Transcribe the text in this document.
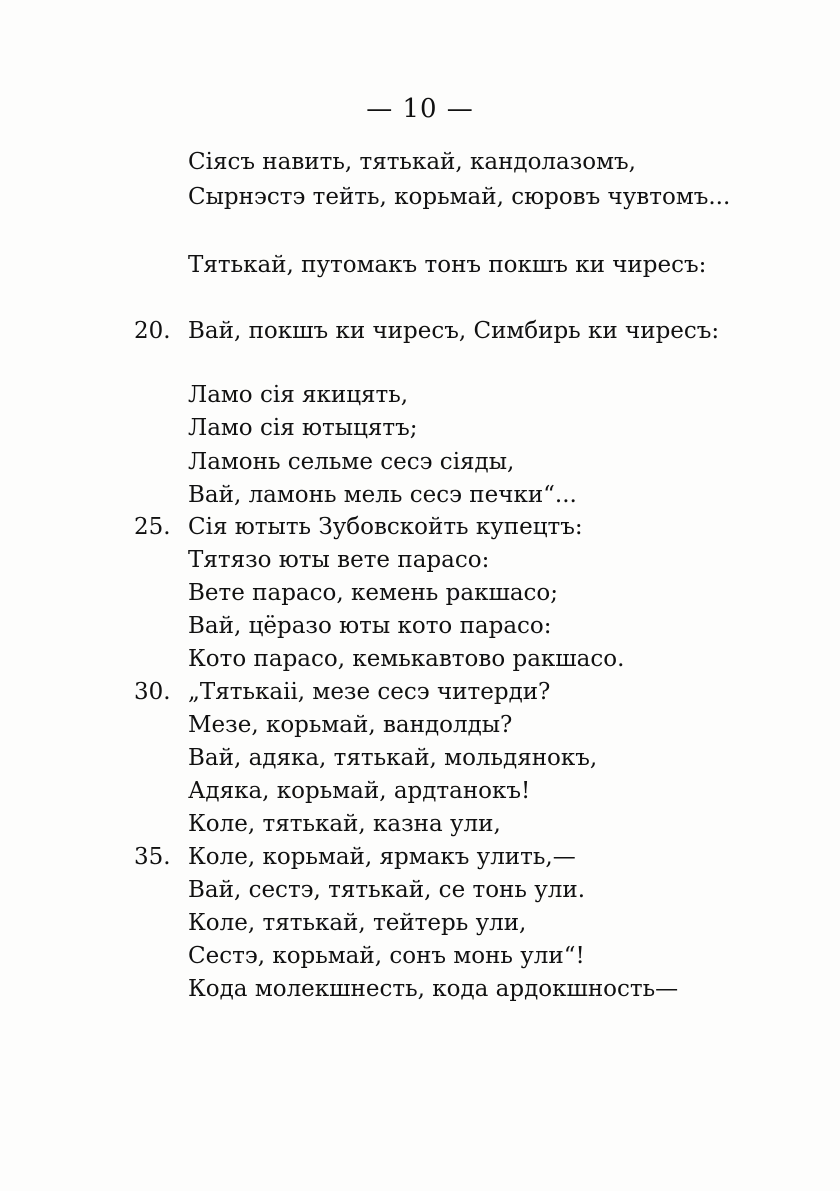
— 10 —
Сіясъ навить, тятькай, кандолазомъ,
Сырнэстэ тейть, корьмай, сюровъ чувтомъ...
Тятькай, путомакъ тонъ покшъ ки чиресъ:
20. Вай, покшъ ки чиресъ, Симбирь ки чиресъ:
Ламо сія якицять,
Ламо сія ютыцятъ;
Ламонь сельме сесэ сіяды,
Вай, ламонь мель сесэ печки“...
25. Сія ютыть Зубовскойть купецтъ:
Тятязо юты вете парасо:
Вете парасо, кемень ракшасо;
Вай, цёразо юты кото парасо:
Кото парасо, кемькавтово ракшасо.
30. „Тятькаіі, мезе сесэ читерди?
Мезе, корьмай, вандолды?
Вай, адяка, тятькай, мольдянокъ,
Адяка, корьмай, ардтанокъ!
Коле, тятькай, казна ули,
35. Коле, корьмай, ярмакъ улить,—
Вай, сестэ, тятькай, се тонь ули.
Коле, тятькай, тейтерь ули,
Сестэ, корьмай, сонъ монь ули“!
Кода молекшнесть, кода ардокшность—
